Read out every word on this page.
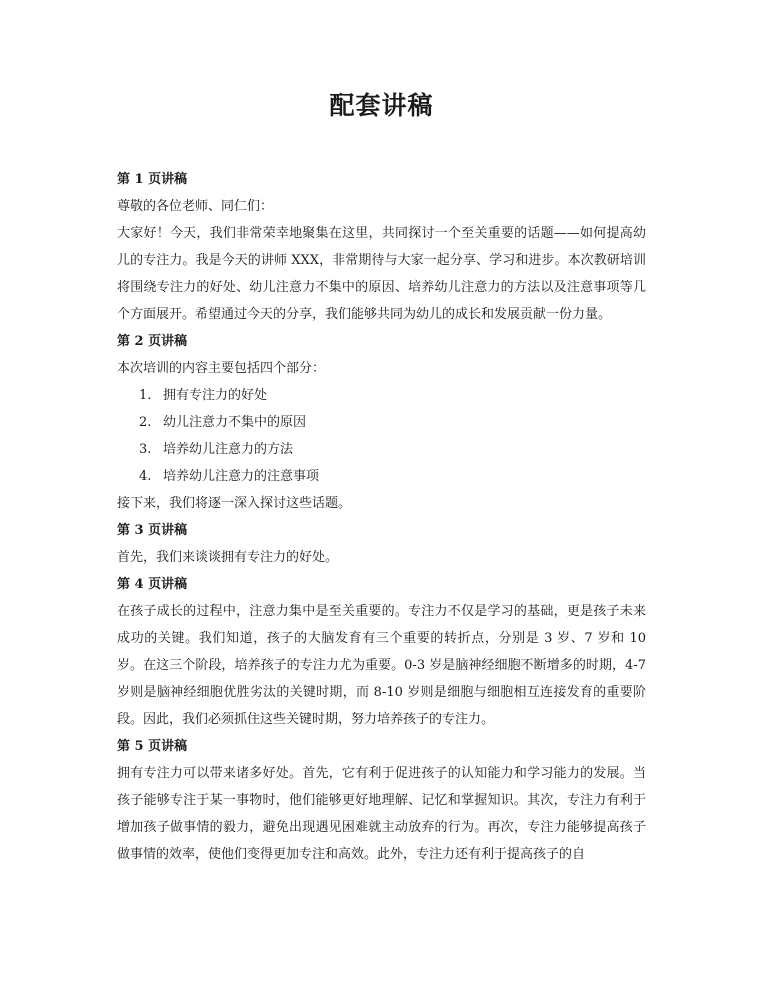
配套讲稿

第 1 页讲稿

尊敬的各位老师、同仁们：

大家好！今天，我们非常荣幸地聚集在这里，共同探讨一个至关重要的话题——如何提高幼儿的专注力。我是今天的讲师 XXX，非常期待与大家一起分享、学习和进步。本次教研培训将围绕专注力的好处、幼儿注意力不集中的原因、培养幼儿注意力的方法以及注意事项等几个方面展开。希望通过今天的分享，我们能够共同为幼儿的成长和发展贡献一份力量。

第 2 页讲稿

本次培训的内容主要包括四个部分：

1. 拥有专注力的好处
2. 幼儿注意力不集中的原因
3. 培养幼儿注意力的方法
4. 培养幼儿注意力的注意事项

接下来，我们将逐一深入探讨这些话题。

第 3 页讲稿

首先，我们来谈谈拥有专注力的好处。

第 4 页讲稿

在孩子成长的过程中，注意力集中是至关重要的。专注力不仅是学习的基础，更是孩子未来成功的关键。我们知道，孩子的大脑发育有三个重要的转折点，分别是 3 岁、7 岁和 10 岁。在这三个阶段，培养孩子的专注力尤为重要。0-3 岁是脑神经细胞不断增多的时期，4-7 岁则是脑神经细胞优胜劣汰的关键时期，而 8-10 岁则是细胞与细胞相互连接发育的重要阶段。因此，我们必须抓住这些关键时期，努力培养孩子的专注力。

第 5 页讲稿

拥有专注力可以带来诸多好处。首先，它有利于促进孩子的认知能力和学习能力的发展。当孩子能够专注于某一事物时，他们能够更好地理解、记忆和掌握知识。其次，专注力有利于增加孩子做事情的毅力，避免出现遇见困难就主动放弃的行为。再次，专注力能够提高孩子做事情的效率，使他们变得更加专注和高效。此外，专注力还有利于提高孩子的自
